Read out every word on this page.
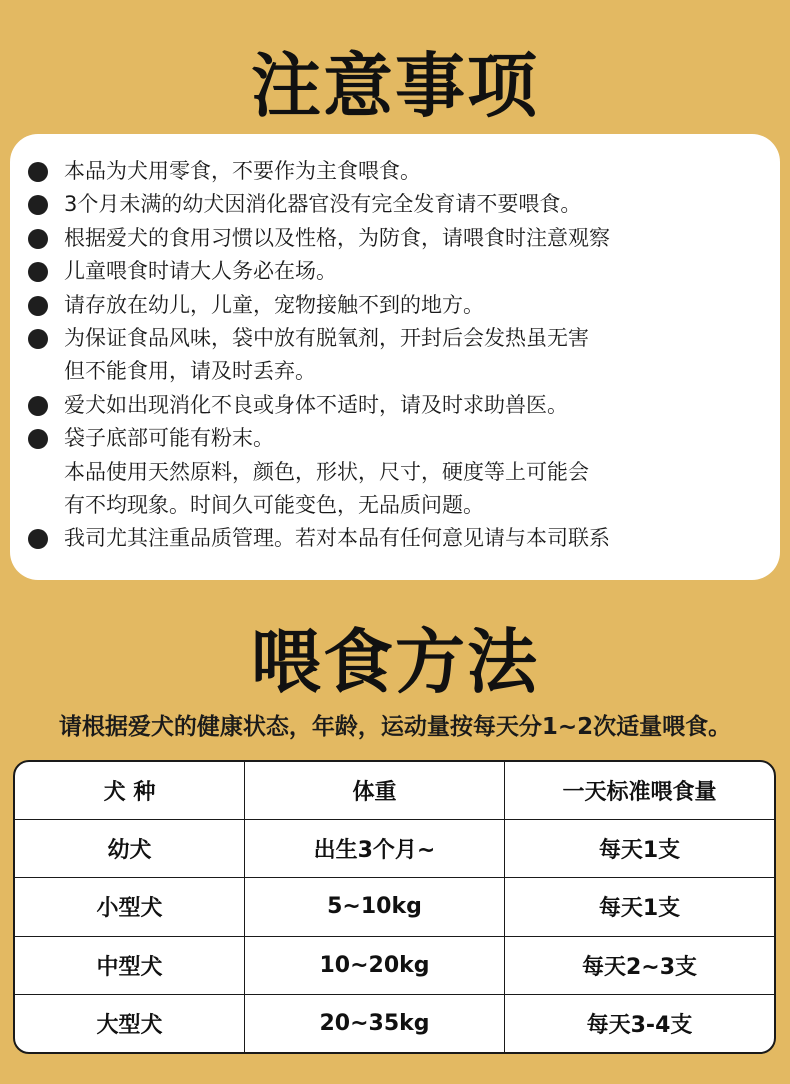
注意事项
本品为犬用零食，不要作为主食喂食。
3个月未满的幼犬因消化器官没有完全发育请不要喂食。
根据爱犬的食用习惯以及性格，为防食，请喂食时注意观察
儿童喂食时请大人务必在场。
请存放在幼儿，儿童，宠物接触不到的地方。
为保证食品风味，袋中放有脱氧剂，开封后会发热虽无害
但不能食用，请及时丢弃。
爱犬如出现消化不良或身体不适时，请及时求助兽医。
袋子底部可能有粉末。
本品使用天然原料，颜色，形状，尺寸，硬度等上可能会
有不均现象。时间久可能变色，无品质问题。
我司尤其注重品质管理。若对本品有任何意见请与本司联系
喂食方法
请根据爱犬的健康状态，年龄，运动量按每天分1~2次适量喂食。
犬 种	体重	一天标准喂食量
幼犬	出生3个月~	每天1支
小型犬	5~10kg	每天1支
中型犬	10~20kg	每天2~3支
大型犬	20~35kg	每天3-4支
